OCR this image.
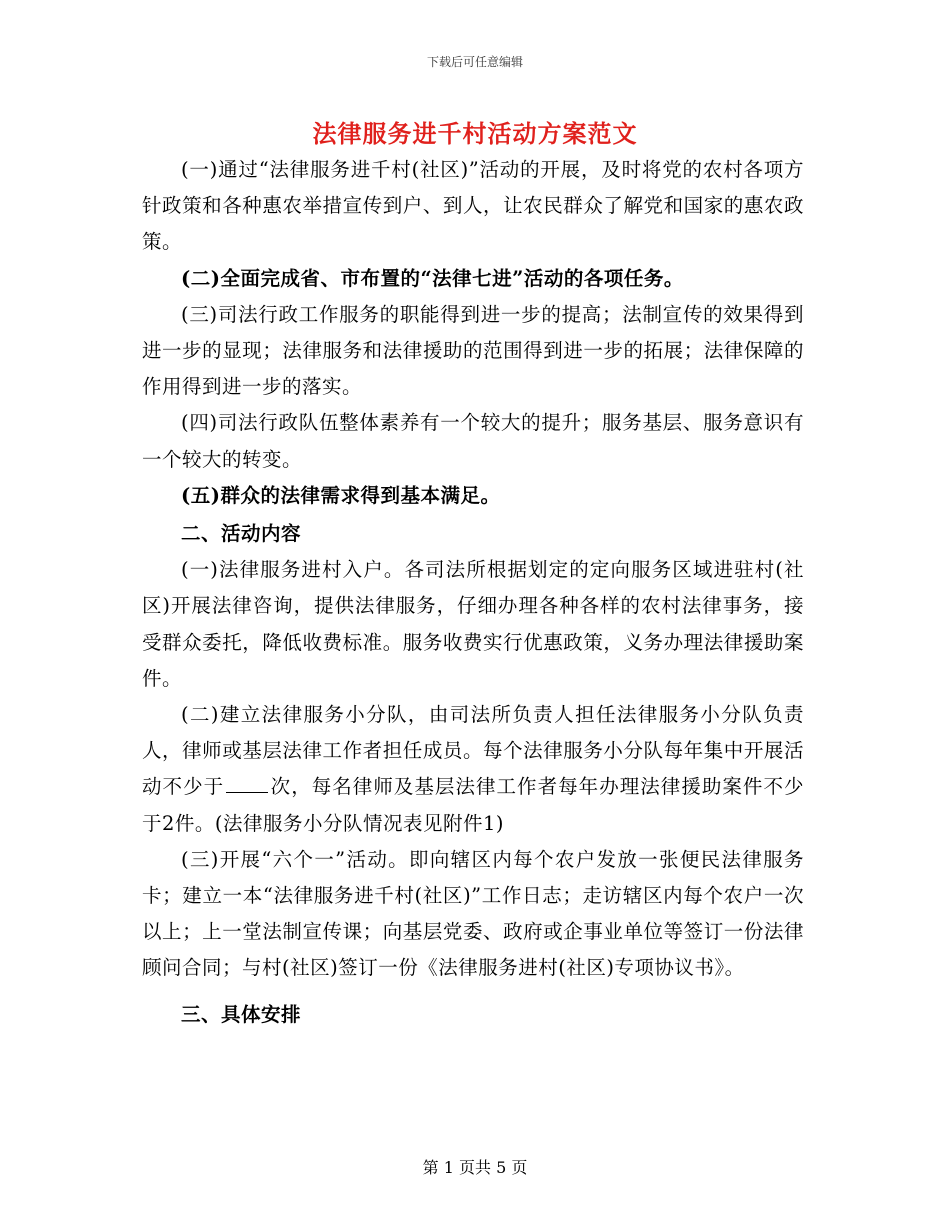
下载后可任意编辑
法律服务进千村活动方案范文

(一)通过“法律服务进千村(社区)”活动的开展，及时将党的农村各项方针政策和各种惠农举措宣传到户、到人，让农民群众了解党和国家的惠农政策。

(二)全面完成省、市布置的“法律七进”活动的各项任务。

(三)司法行政工作服务的职能得到进一步的提高；法制宣传的效果得到进一步的显现；法律服务和法律援助的范围得到进一步的拓展；法律保障的作用得到进一步的落实。

(四)司法行政队伍整体素养有一个较大的提升；服务基层、服务意识有一个较大的转变。

(五)群众的法律需求得到基本满足。

二、活动内容

(一)法律服务进村入户。各司法所根据划定的定向服务区域进驻村(社区)开展法律咨询，提供法律服务，仔细办理各种各样的农村法律事务，接受群众委托，降低收费标准。服务收费实行优惠政策，义务办理法律援助案件。

(二)建立法律服务小分队，由司法所负责人担任法律服务小分队负责人，律师或基层法律工作者担任成员。每个法律服务小分队每年集中开展活动不少于 次，每名律师及基层法律工作者每年办理法律援助案件不少于2件。(法律服务小分队情况表见附件1)

(三)开展“六个一”活动。即向辖区内每个农户发放一张便民法律服务卡；建立一本“法律服务进千村(社区)”工作日志；走访辖区内每个农户一次以上；上一堂法制宣传课；向基层党委、政府或企事业单位等签订一份法律顾问合同；与村(社区)签订一份《法律服务进村(社区)专项协议书》。

三、具体安排

第 1 页共 5 页
